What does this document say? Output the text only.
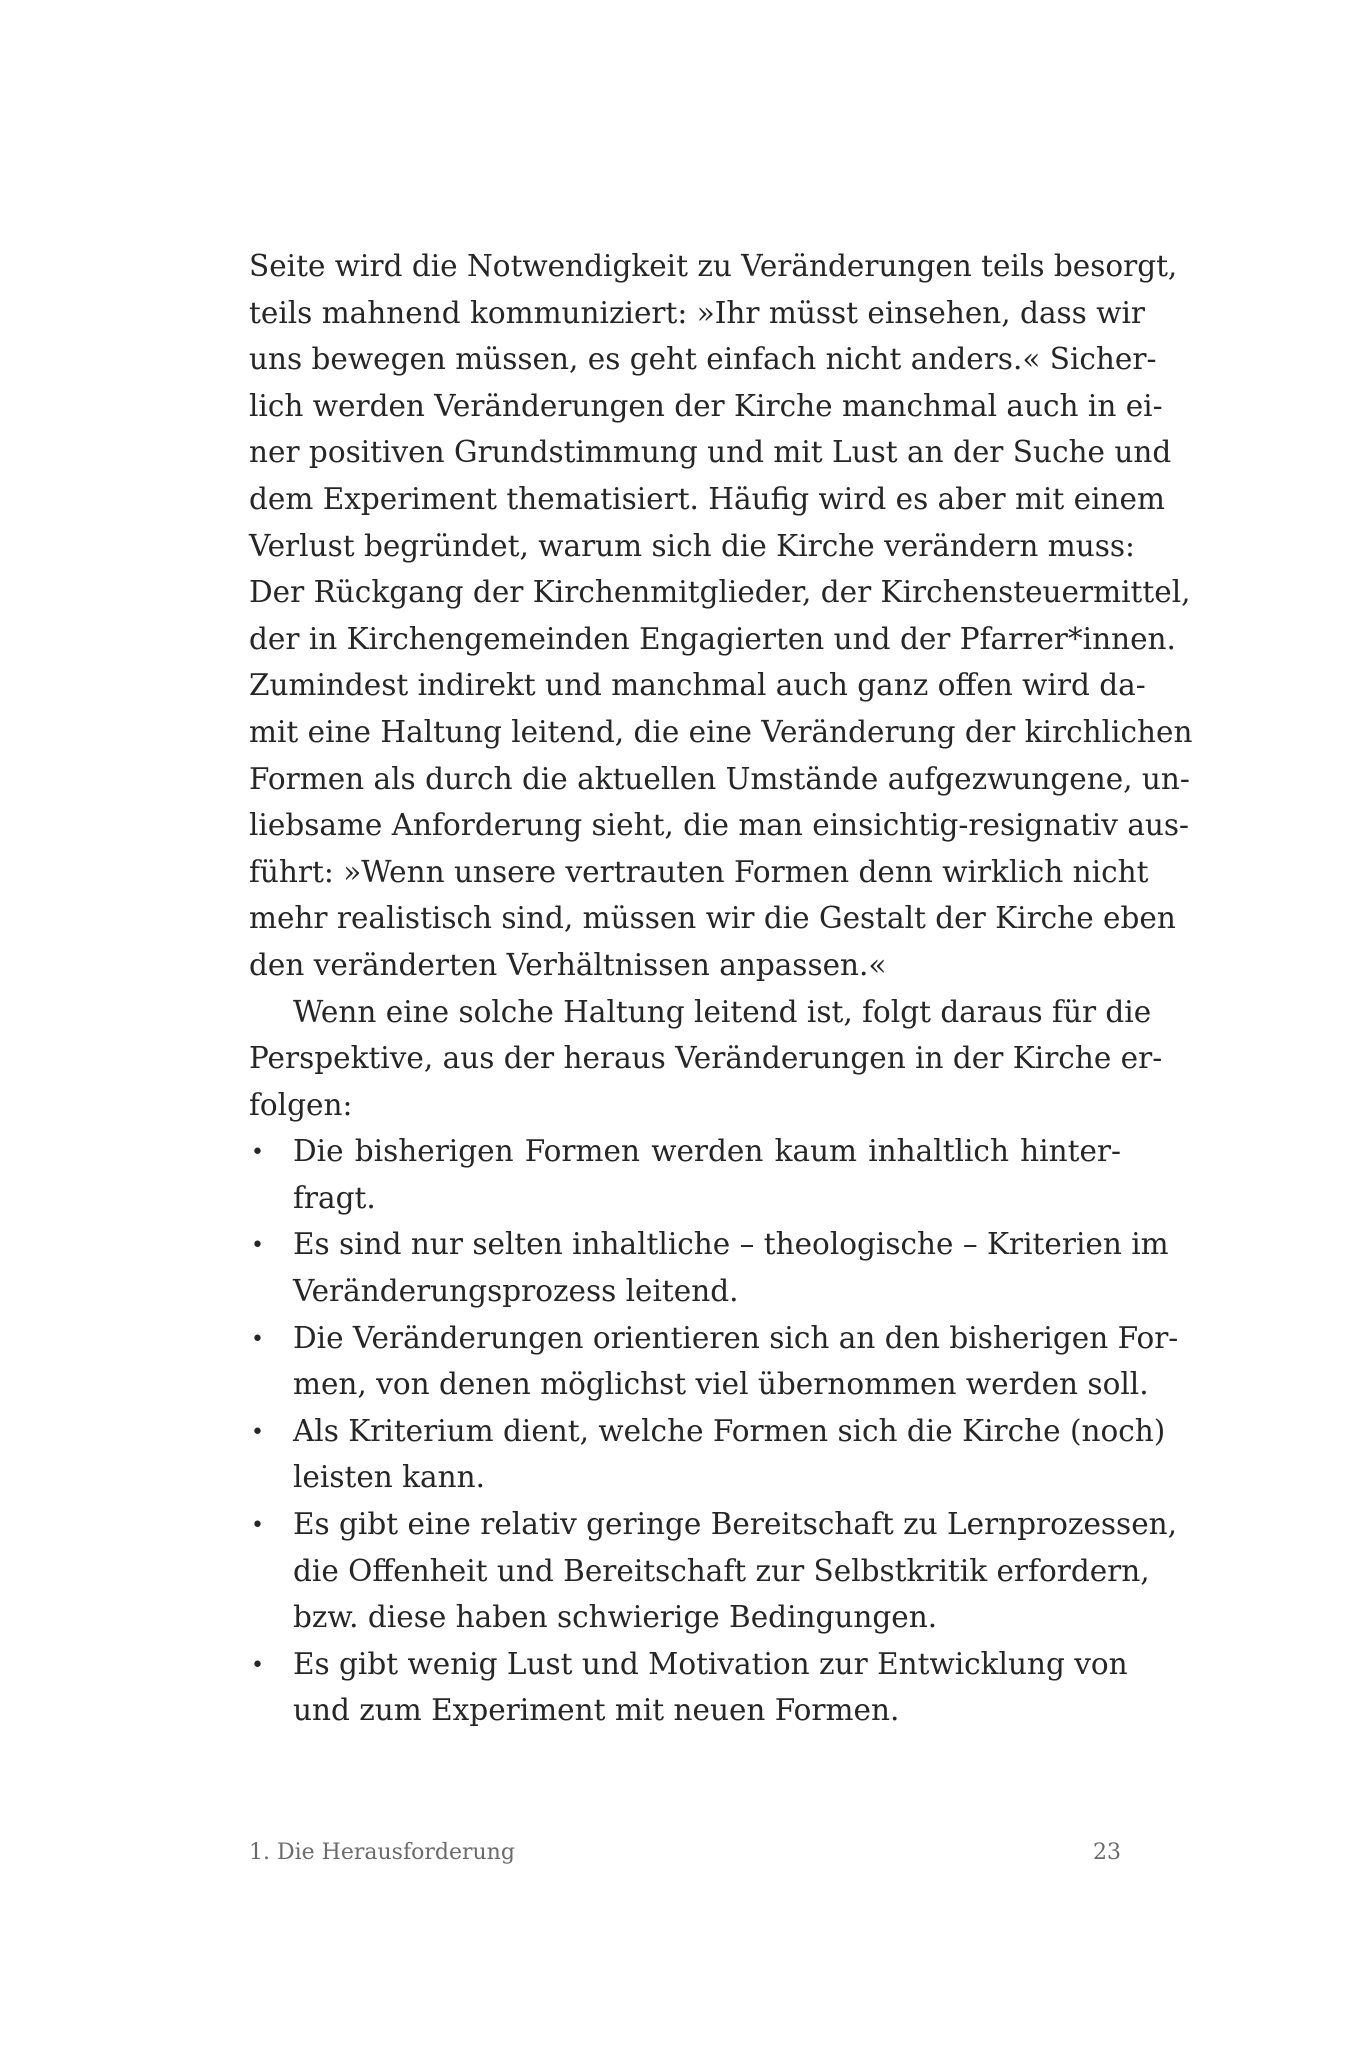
Seite wird die Notwendigkeit zu Veränderungen teils besorgt,
teils mahnend kommuniziert: »Ihr müsst einsehen, dass wir
uns bewegen müssen, es geht einfach nicht anders.« Sicher-
lich werden Veränderungen der Kirche manchmal auch in ei-
ner positiven Grundstimmung und mit Lust an der Suche und
dem Experiment thematisiert. Häufig wird es aber mit einem
Verlust begründet, warum sich die Kirche verändern muss:
Der Rückgang der Kirchenmitglieder, der Kirchensteuermittel,
der in Kirchengemeinden Engagierten und der Pfarrer*innen.
Zumindest indirekt und manchmal auch ganz offen wird da-
mit eine Haltung leitend, die eine Veränderung der kirchlichen
Formen als durch die aktuellen Umstände aufgezwungene, un-
liebsame Anforderung sieht, die man einsichtig-resignativ aus-
führt: »Wenn unsere vertrauten Formen denn wirklich nicht
mehr realistisch sind, müssen wir die Gestalt der Kirche eben
den veränderten Verhältnissen anpassen.«
Wenn eine solche Haltung leitend ist, folgt daraus für die
Perspektive, aus der heraus Veränderungen in der Kirche er-
folgen:
• Die bisherigen Formen werden kaum inhaltlich hinter-
fragt.
• Es sind nur selten inhaltliche – theologische – Kriterien im
Veränderungsprozess leitend.
• Die Veränderungen orientieren sich an den bisherigen For-
men, von denen möglichst viel übernommen werden soll.
• Als Kriterium dient, welche Formen sich die Kirche (noch)
leisten kann.
• Es gibt eine relativ geringe Bereitschaft zu Lernprozessen,
die Offenheit und Bereitschaft zur Selbstkritik erfordern,
bzw. diese haben schwierige Bedingungen.
• Es gibt wenig Lust und Motivation zur Entwicklung von
und zum Experiment mit neuen Formen.
1. Die Herausforderung	23
